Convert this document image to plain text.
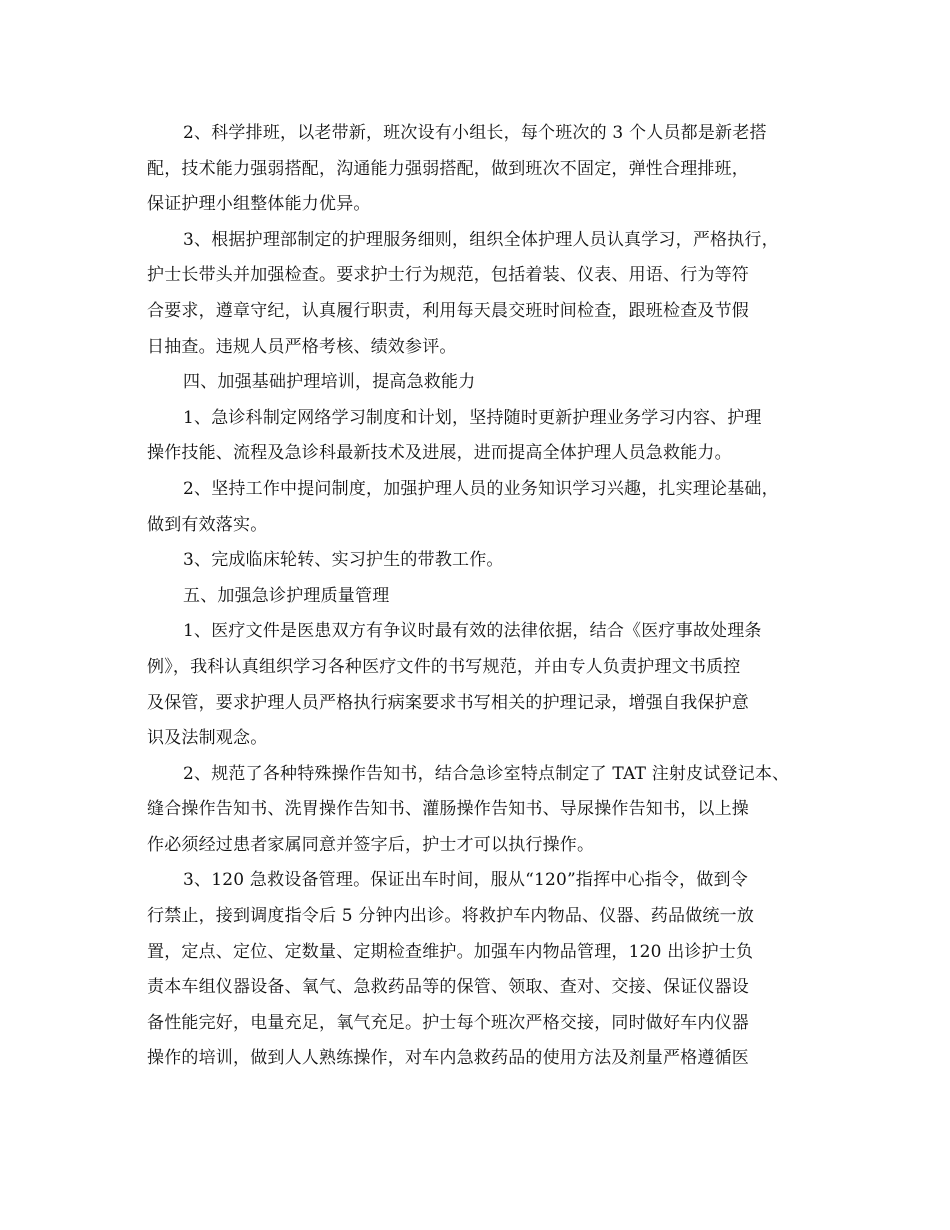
2、科学排班，以老带新，班次设有小组长，每个班次的 3 个人员都是新老搭
配，技术能力强弱搭配，沟通能力强弱搭配，做到班次不固定，弹性合理排班，
保证护理小组整体能力优异。
3、根据护理部制定的护理服务细则，组织全体护理人员认真学习，严格执行，
护士长带头并加强检查。要求护士行为规范，包括着装、仪表、用语、行为等符
合要求，遵章守纪，认真履行职责，利用每天晨交班时间检查，跟班检查及节假
日抽查。违规人员严格考核、绩效参评。
四、加强基础护理培训，提高急救能力
1、急诊科制定网络学习制度和计划，坚持随时更新护理业务学习内容、护理
操作技能、流程及急诊科最新技术及进展，进而提高全体护理人员急救能力。
2、坚持工作中提问制度，加强护理人员的业务知识学习兴趣，扎实理论基础，
做到有效落实。
3、完成临床轮转、实习护生的带教工作。
五、加强急诊护理质量管理
1、医疗文件是医患双方有争议时最有效的法律依据，结合《医疗事故处理条
例》，我科认真组织学习各种医疗文件的书写规范，并由专人负责护理文书质控
及保管，要求护理人员严格执行病案要求书写相关的护理记录，增强自我保护意
识及法制观念。
2、规范了各种特殊操作告知书，结合急诊室特点制定了 TAT 注射皮试登记本、
缝合操作告知书、洗胃操作告知书、灌肠操作告知书、导尿操作告知书，以上操
作必须经过患者家属同意并签字后，护士才可以执行操作。
3、120 急救设备管理。保证出车时间，服从“120”指挥中心指令，做到令
行禁止，接到调度指令后 5 分钟内出诊。将救护车内物品、仪器、药品做统一放
置，定点、定位、定数量、定期检查维护。加强车内物品管理，120 出诊护士负
责本车组仪器设备、氧气、急救药品等的保管、领取、查对、交接、保证仪器设
备性能完好，电量充足，氧气充足。护士每个班次严格交接，同时做好车内仪器
操作的培训，做到人人熟练操作，对车内急救药品的使用方法及剂量严格遵循医
